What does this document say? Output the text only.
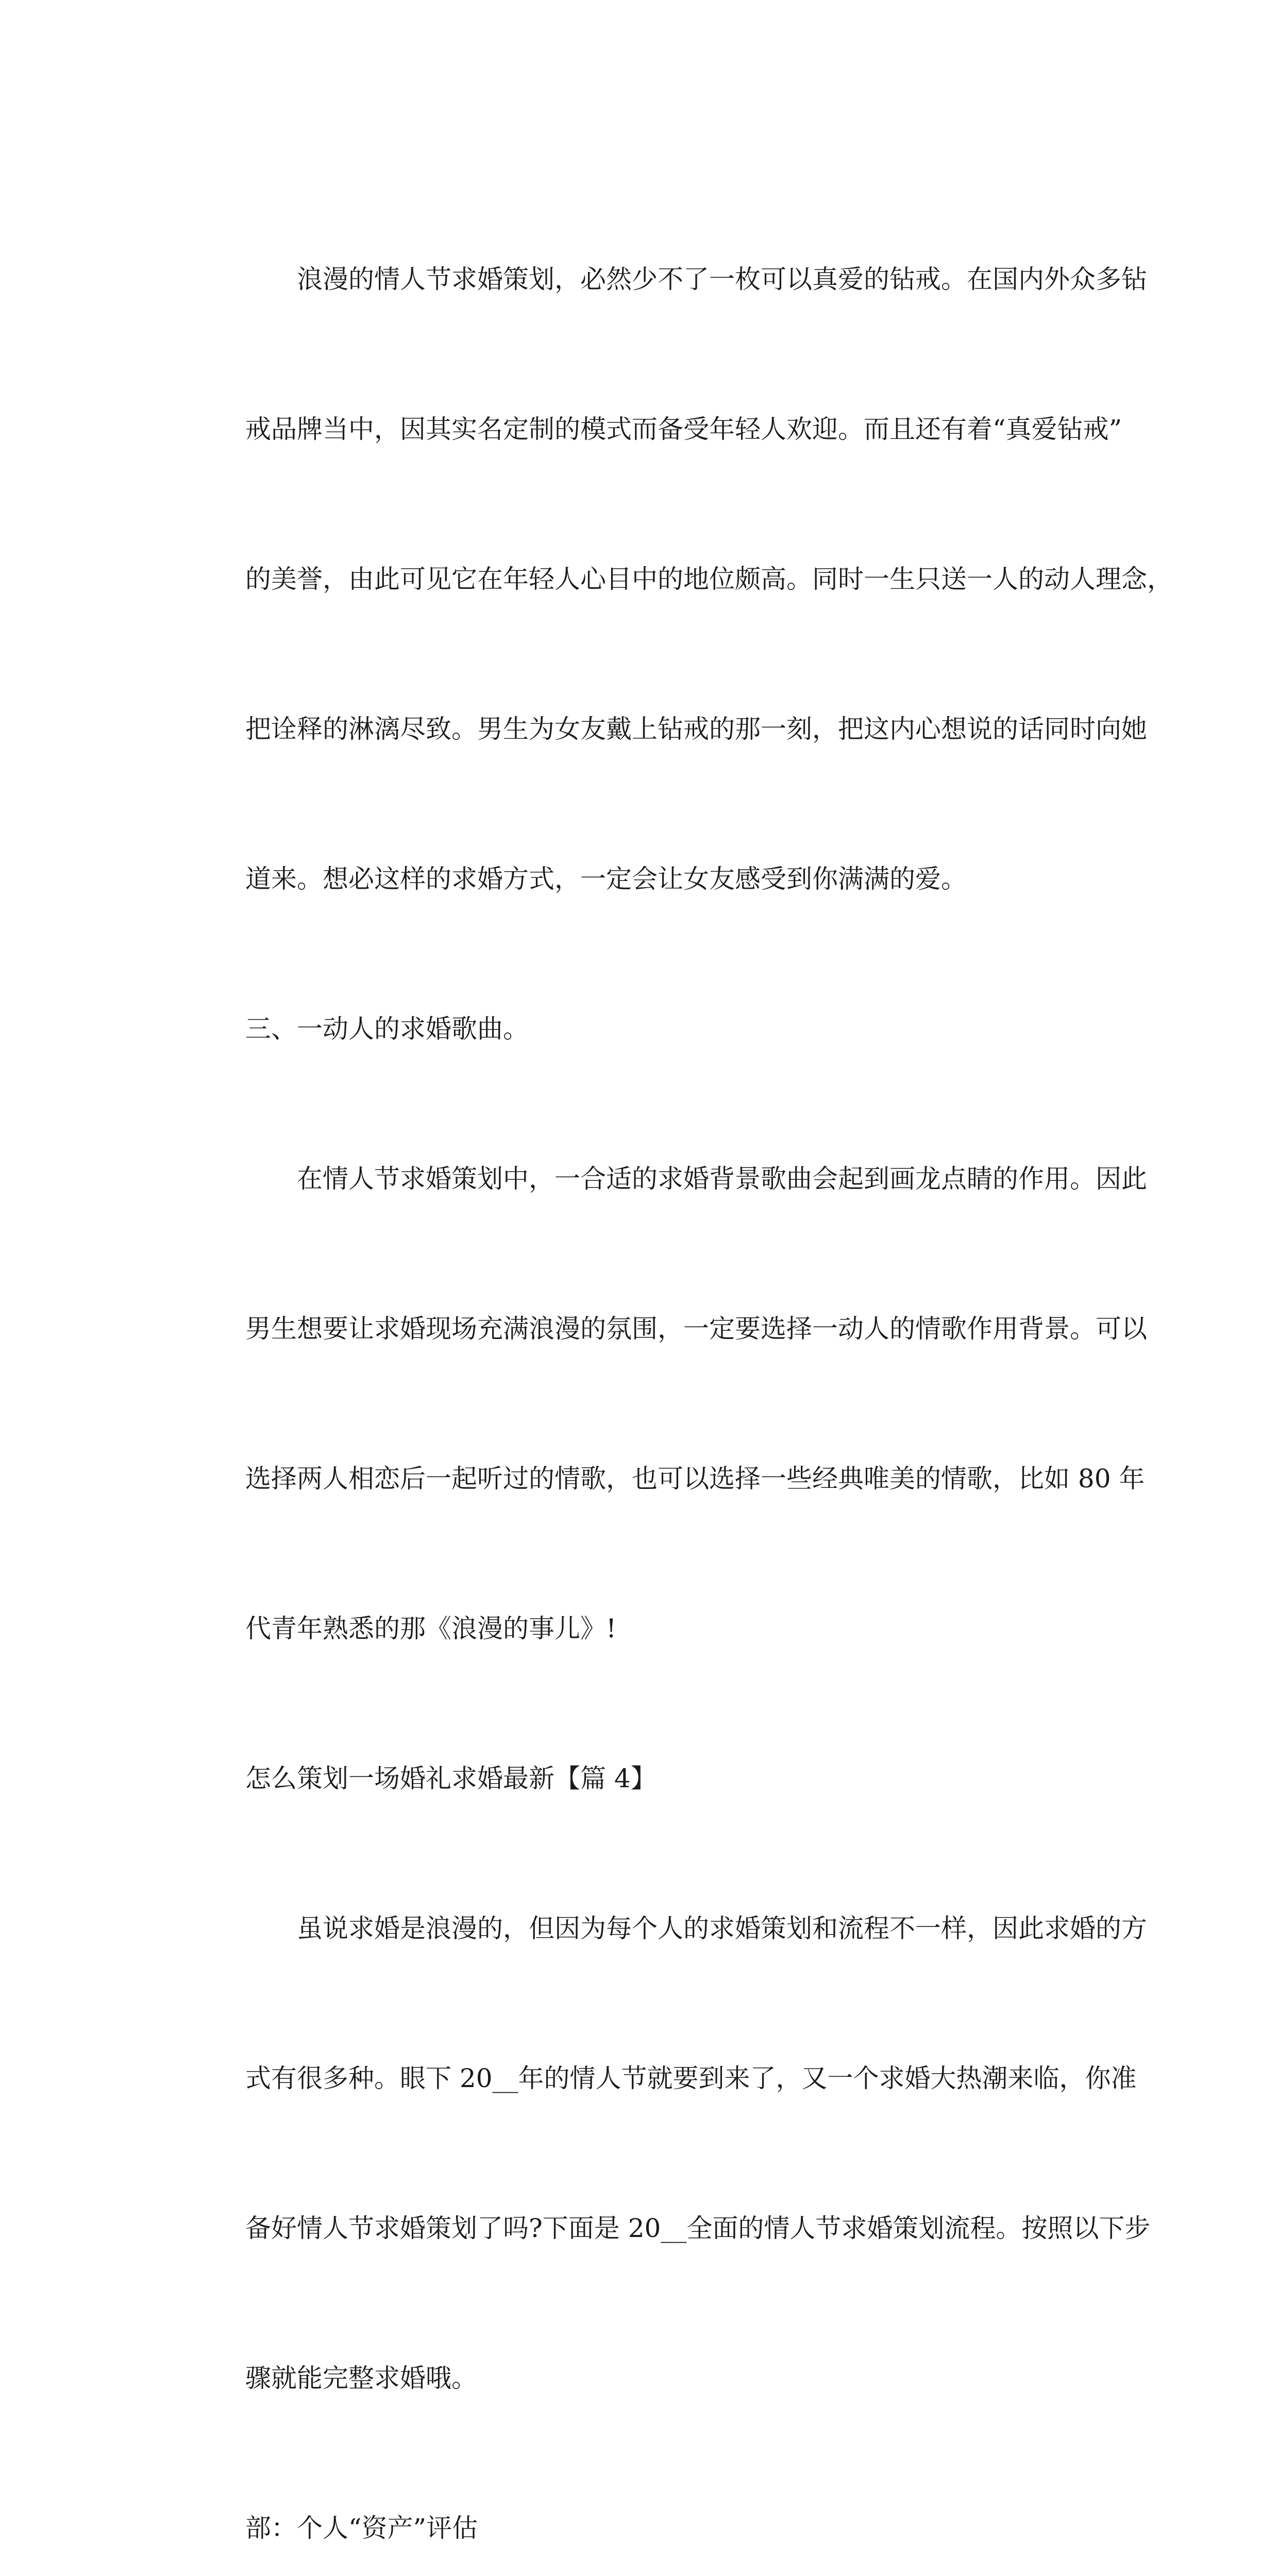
浪漫的情人节求婚策划，必然少不了一枚可以真爱的钻戒。在国内外众多钻

戒品牌当中，因其实名定制的模式而备受年轻人欢迎。而且还有着“真爱钻戒”

的美誉，由此可见它在年轻人心目中的地位颇高。同时一生只送一人的动人理念，

把诠释的淋漓尽致。男生为女友戴上钻戒的那一刻，把这内心想说的话同时向她

道来。想必这样的求婚方式，一定会让女友感受到你满满的爱。

三、一动人的求婚歌曲。

在情人节求婚策划中，一合适的求婚背景歌曲会起到画龙点睛的作用。因此

男生想要让求婚现场充满浪漫的氛围，一定要选择一动人的情歌作用背景。可以

选择两人相恋后一起听过的情歌，也可以选择一些经典唯美的情歌，比如 80 年

代青年熟悉的那《浪漫的事儿》!

怎么策划一场婚礼求婚最新【篇 4】

虽说求婚是浪漫的，但因为每个人的求婚策划和流程不一样，因此求婚的方

式有很多种。眼下 20__年的情人节就要到来了，又一个求婚大热潮来临，你准

备好情人节求婚策划了吗?下面是 20__全面的情人节求婚策划流程。按照以下步

骤就能完整求婚哦。

部：个人“资产”评估
